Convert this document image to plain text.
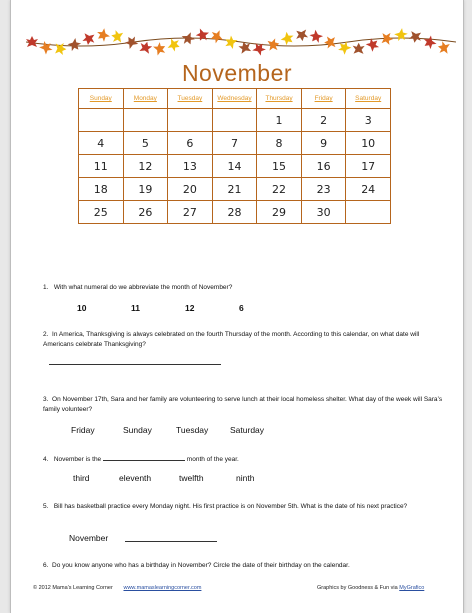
November
Sunday	Monday	Tuesday	Wednesday	Thursday	Friday	Saturday
				1	2	3
4	5	6	7	8	9	10
11	12	13	14	15	16	17
18	19	20	21	22	23	24
25	26	27	28	29	30	
1. With what numeral do we abbreviate the month of November?
10	11	12	6
2. In America, Thanksgiving is always celebrated on the fourth Thursday of the month. According to this calendar, on what date will Americans celebrate Thanksgiving?
3. On November 17th, Sara and her family are volunteering to serve lunch at their local homeless shelter. What day of the week will Sara’s family volunteer?
Friday	Sunday	Tuesday	Saturday
4. November is the	month of the year.
third	eleventh	twelfth	ninth
5. Bill has basketball practice every Monday night. His first practice is on November 5th. What is the date of his next practice?
November
6. Do you know anyone who has a birthday in November? Circle the date of their birthday on the calendar.
© 2012 Mama’s Learning Corner www.mamaslearningcorner.com	Graphics by Goodness & Fun via MyGrafico
